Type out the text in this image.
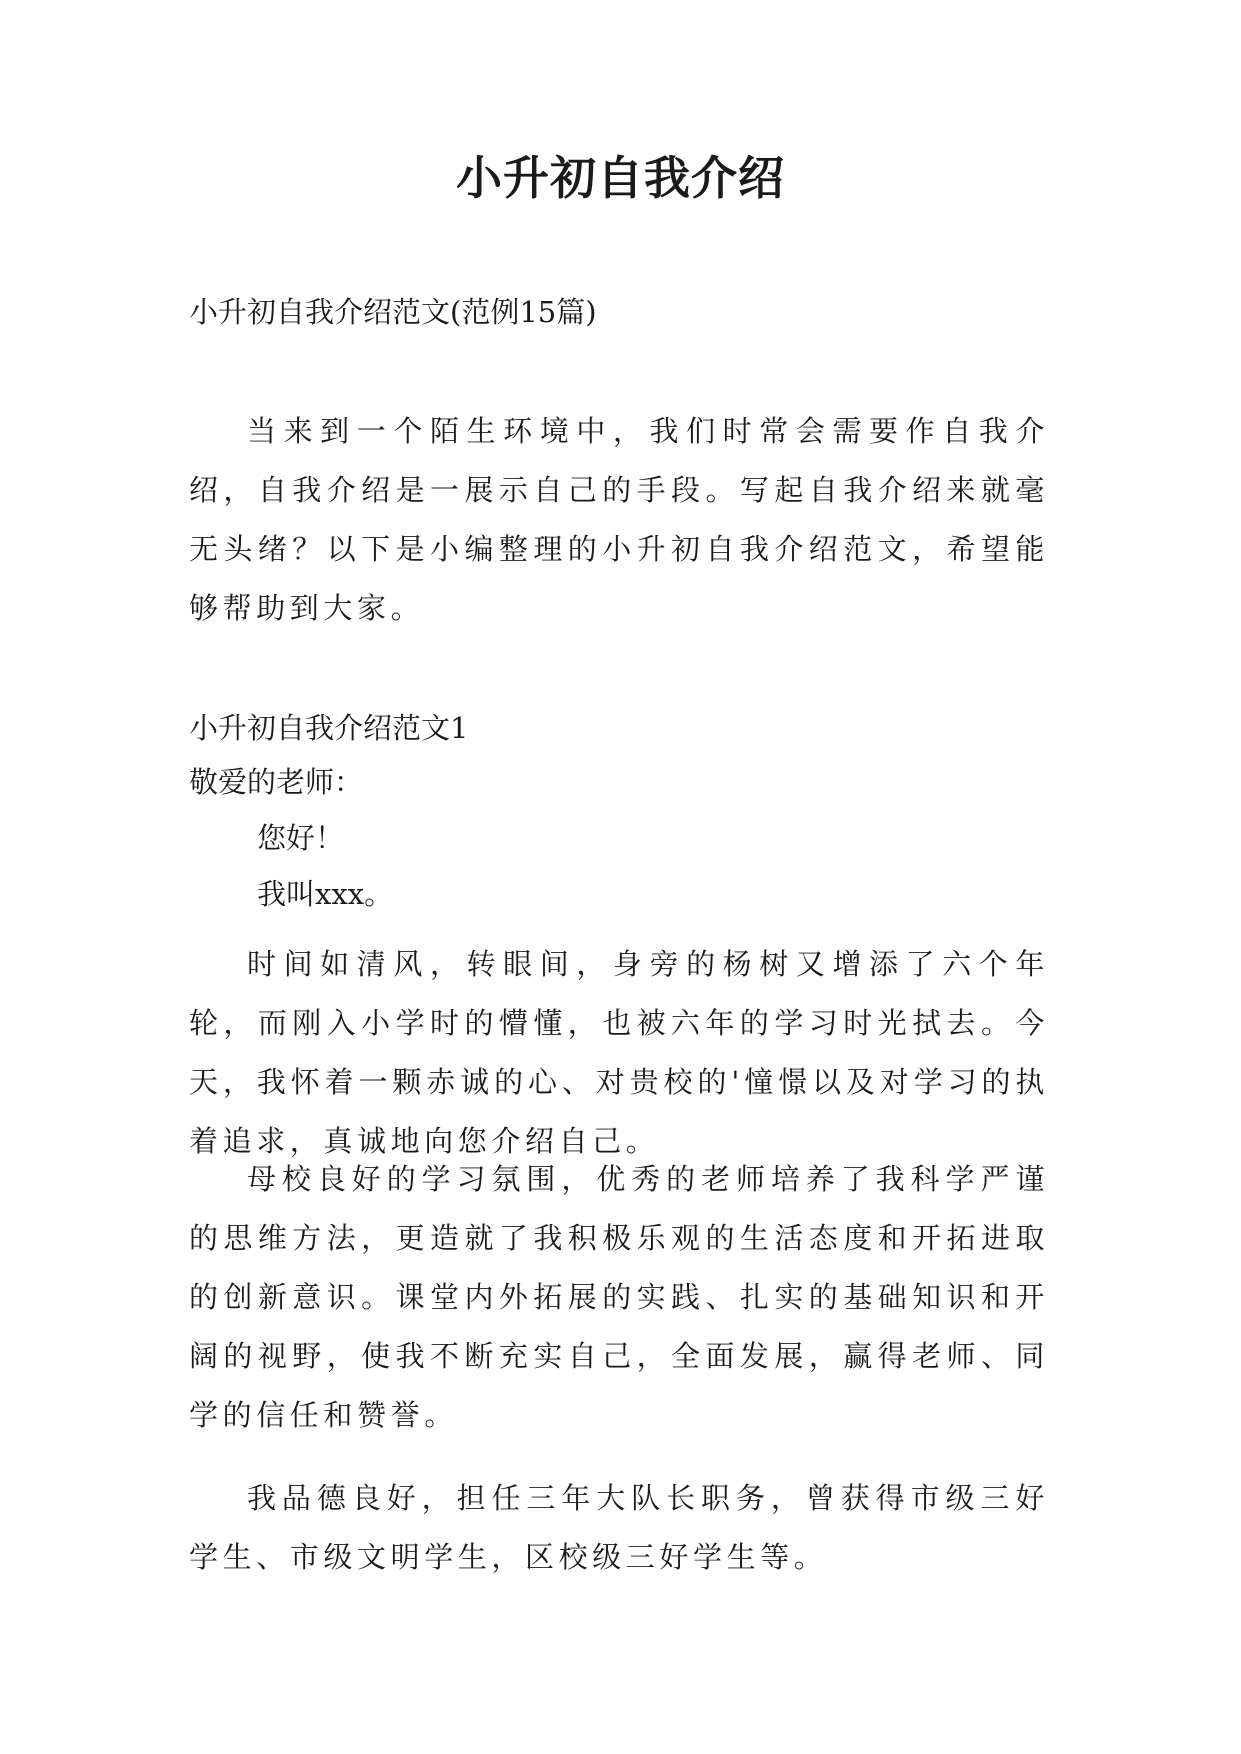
小升初自我介绍
小升初自我介绍范文(范例15篇)

当来到一个陌生环境中，我们时常会需要作自我介绍，自我介绍是一展示自己的手段。写起自我介绍来就毫无头绪？以下是小编整理的小升初自我介绍范文，希望能够帮助到大家。

小升初自我介绍范文1

敬爱的老师：

您好！

我叫xxx。

时间如清风，转眼间，身旁的杨树又增添了六个年轮，而刚入小学时的懵懂，也被六年的学习时光拭去。今天，我怀着一颗赤诚的心、对贵校的'憧憬以及对学习的执着追求，真诚地向您介绍自己。

母校良好的学习氛围，优秀的老师培养了我科学严谨的思维方法，更造就了我积极乐观的生活态度和开拓进取的创新意识。课堂内外拓展的实践、扎实的基础知识和开阔的视野，使我不断充实自己，全面发展，赢得老师、同学的信任和赞誉。

我品德良好，担任三年大队长职务，曾获得市级三好学生、市级文明学生，区校级三好学生等。
